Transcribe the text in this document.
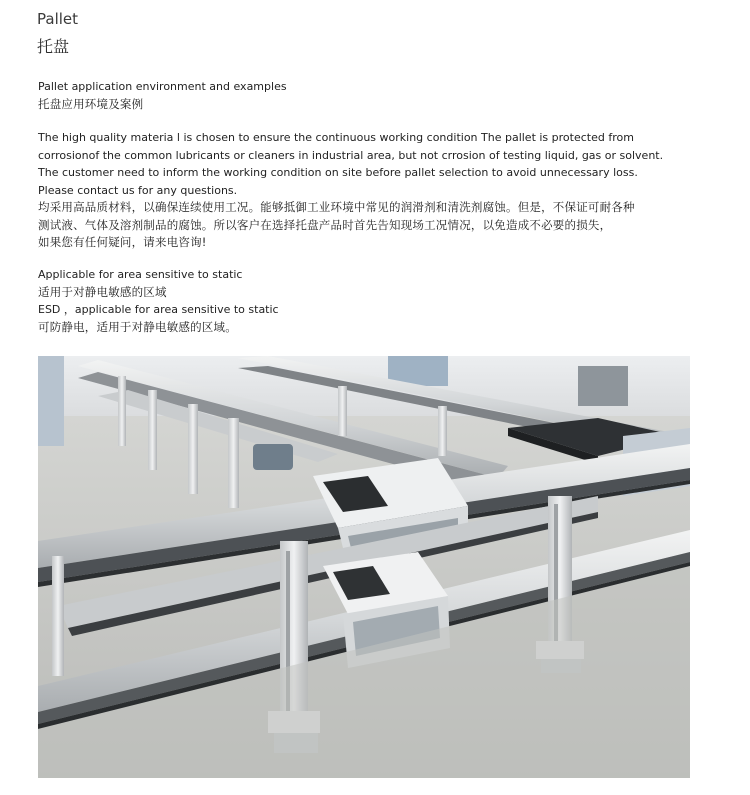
Pallet
托盘
Pallet application environment and examples
托盘应用环境及案例
The high quality materia l is chosen to ensure the continuous working condition The pallet is protected from
corrosionof the common lubricants or cleaners in industrial area, but not crrosion of testing liquid, gas or solvent.
The customer need to inform the working condition on site before pallet selection to avoid unnecessary loss.
Please contact us for any questions.
均采用高品质材料，以确保连续使用工况。能够抵御工业环境中常见的润滑剂和清洗剂腐蚀。但是，不保证可耐各种
测试液、气体及溶剂制品的腐蚀。所以客户在选择托盘产品时首先告知现场工况情况，以免造成不必要的损失，
如果您有任何疑问，请来电咨询!
Applicable for area sensitive to static
适用于对静电敏感的区域
ESD ，applicable for area sensitive to static
可防静电，适用于对静电敏感的区域。
